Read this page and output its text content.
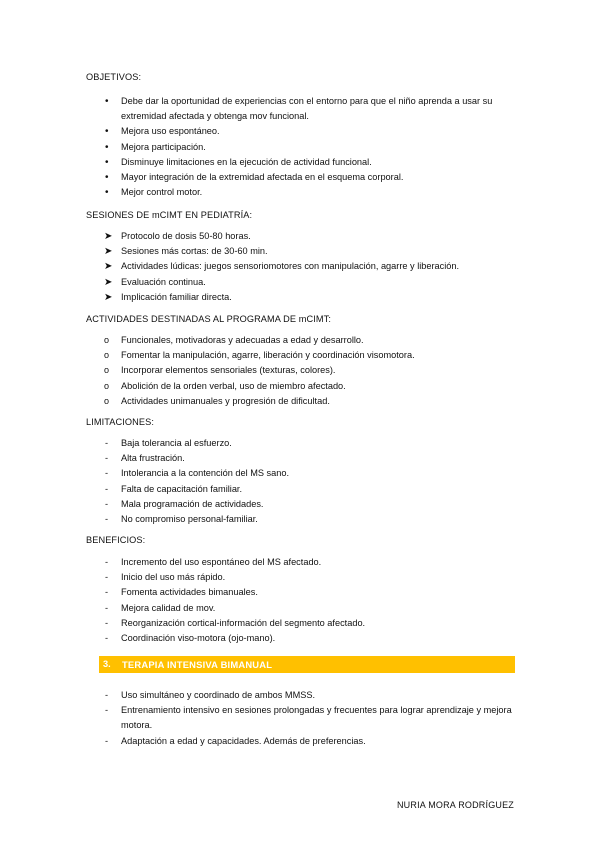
OBJETIVOS:
•	Debe dar la oportunidad de experiencias con el entorno para que el niño aprenda a usar su extremidad afectada y obtenga mov funcional.
•	Mejora uso espontáneo.
•	Mejora participación.
•	Disminuye limitaciones en la ejecución de actividad funcional.
•	Mayor integración de la extremidad afectada en el esquema corporal.
•	Mejor control motor.
SESIONES DE mCIMT EN PEDIATRÍA:
➤ Protocolo de dosis 50-80 horas.
➤ Sesiones más cortas: de 30-60 min.
➤ Actividades lúdicas: juegos sensoriomotores con manipulación, agarre y liberación.
➤ Evaluación continua.
➤ Implicación familiar directa.
ACTIVIDADES DESTINADAS AL PROGRAMA DE mCIMT:
o	Funcionales, motivadoras y adecuadas a edad y desarrollo.
o	Fomentar la manipulación, agarre, liberación y coordinación visomotora.
o	Incorporar elementos sensoriales (texturas, colores).
o	Abolición de la orden verbal, uso de miembro afectado.
o	Actividades unimanuales y progresión de dificultad.
LIMITACIONES:
-	Baja tolerancia al esfuerzo.
-	Alta frustración.
-	Intolerancia a la contención del MS sano.
-	Falta de capacitación familiar.
-	Mala programación de actividades.
-	No compromiso personal-familiar.
BENEFICIOS:
-	Incremento del uso espontáneo del MS afectado.
-	Inicio del uso más rápido.
-	Fomenta actividades bimanuales.
-	Mejora calidad de mov.
-	Reorganización cortical-información del segmento afectado.
-	Coordinación viso-motora (ojo-mano).
3. TERAPIA INTENSIVA BIMANUAL
-	Uso simultáneo y coordinado de ambos MMSS.
-	Entrenamiento intensivo en sesiones prolongadas y frecuentes para lograr aprendizaje y mejora motora.
-	Adaptación a edad y capacidades. Además de preferencias.
NURIA MORA RODRÍGUEZ
